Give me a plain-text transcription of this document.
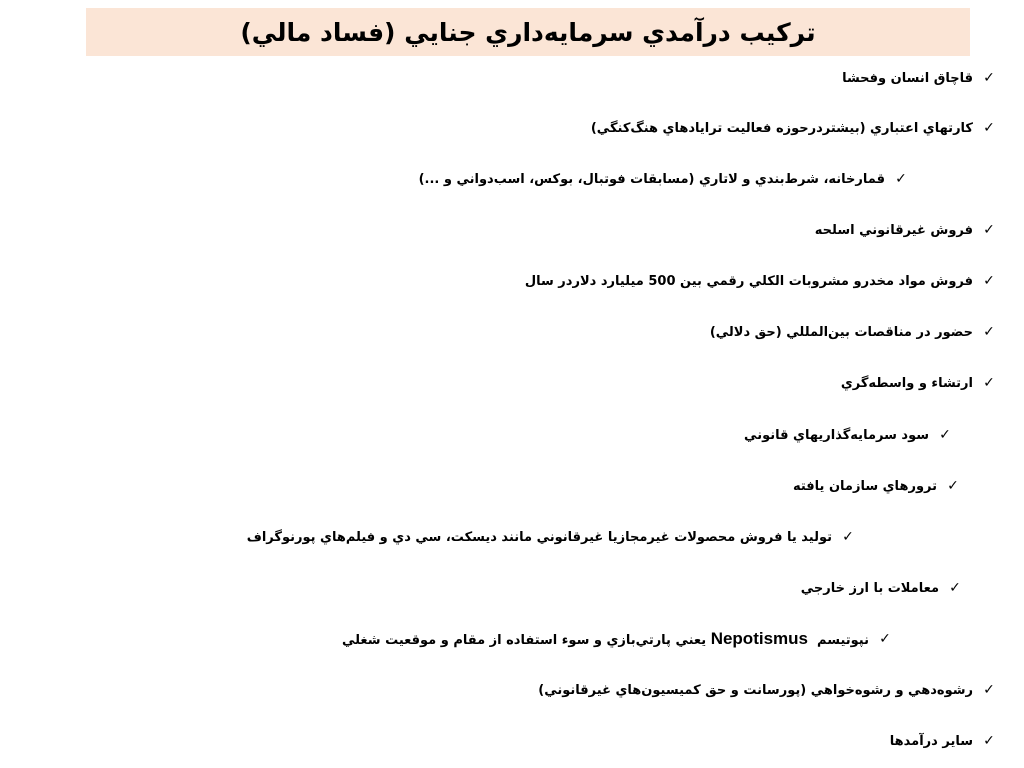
تركيب درآمدي سرمايه‌داري جنايي (فساد مالي)
قاچاق انسان وفحشا ✓
كارتهاي اعتباري (بيشتردرحوزه فعاليت ترايادهاي هنگ‌كنگي) ✓
قمارخانه، شرط‌بندي و لاتاري (مسابقات فوتبال، بوكس، اسب‌دواني و ...) ✓
فروش غيرقانوني اسلحه ✓
فروش مواد مخدرو مشروبات الكلي رقمي بين 500 ميليارد دلاردر سال ✓
حضور در مناقصات بين‌المللي (حق دلالي) ✓
ارتشاء و واسطه‌گري ✓
سود سرمايه‌گذاريهاي قانوني ✓
ترورهاي سازمان يافته ✓
توليد يا فروش محصولات غيرمجازيا غيرقانوني مانند ديسكت، سي دي و فيلم‌هاي پورنوگراف ✓
معاملات با ارز خارجي ✓
نپوتيسم  Nepotismus يعني پارتي‌بازي و سوء استفاده از مقام و موقعيت شغلي	✓
رشوه‌دهي و رشوه‌خواهي (پورسانت و حق كميسيون‌هاي غيرقانوني) ✓
ساير درآمدها ✓
